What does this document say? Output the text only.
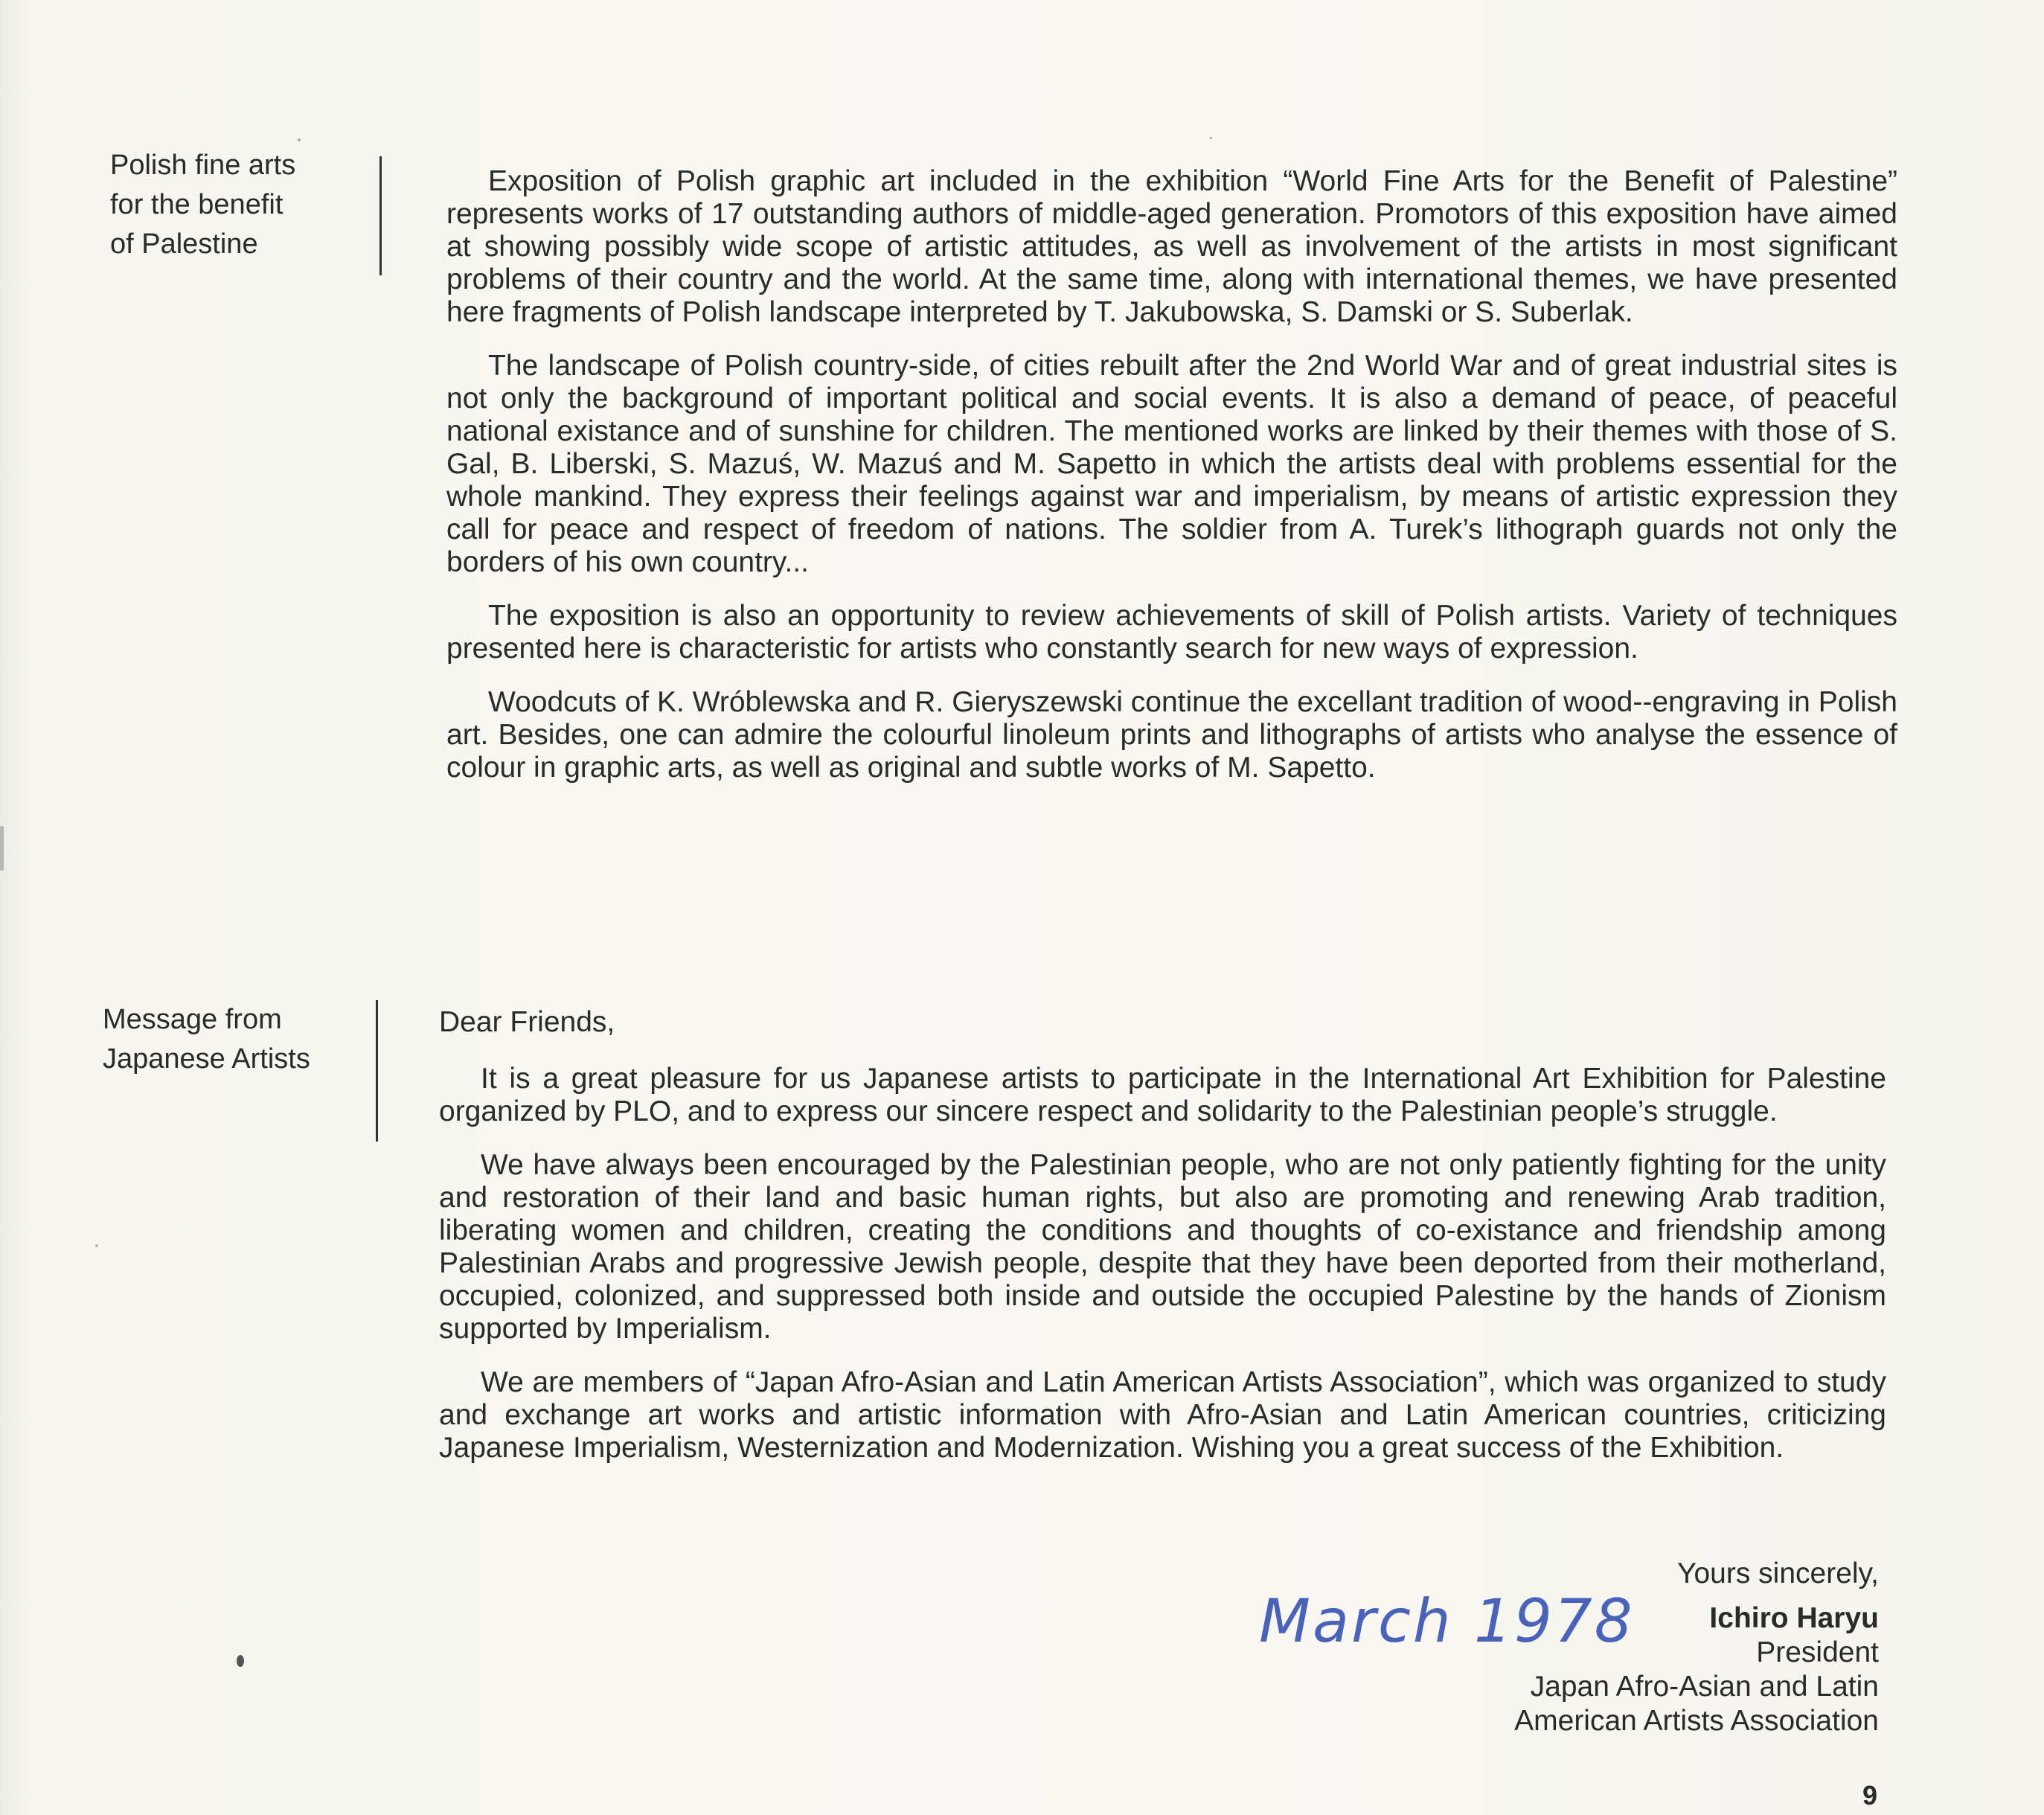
Polish fine arts
for the benefit
of Palestine

Exposition of Polish graphic art included in the exhibition “World Fine Arts for the Benefit of Palestine” represents works of 17 outstanding authors of middle-aged generation. Promotors of this exposition have aimed at showing possibly wide scope of artistic attitudes, as well as involvement of the artists in most significant problems of their country and the world. At the same time, along with international themes, we have presented here fragments of Polish landscape interpreted by T. Jakubowska, S. Damski or S. Suberlak.

The landscape of Polish country-side, of cities rebuilt after the 2nd World War and of great industrial sites is not only the background of important political and social events. It is also a demand of peace, of peaceful national existance and of sunshine for children. The mentioned works are linked by their themes with those of S. Gal, B. Liberski, S. Mazuś, W. Mazuś and M. Sapetto in which the artists deal with problems essential for the whole mankind. They express their feelings against war and imperialism, by means of artistic expression they call for peace and respect of freedom of nations. The soldier from A. Turek’s lithograph guards not only the borders of his own country...

The exposition is also an opportunity to review achievements of skill of Polish artists. Variety of techniques presented here is characteristic for artists who constantly search for new ways of expression.

Woodcuts of K. Wróblewska and R. Gieryszewski continue the excellant tradition of wood--engraving in Polish art. Besides, one can admire the colourful linoleum prints and lithographs of artists who analyse the essence of colour in graphic arts, as well as original and subtle works of M. Sapetto.

Message from
Japanese Artists
Dear Friends,

It is a great pleasure for us Japanese artists to participate in the International Art Exhibition for Palestine organized by PLO, and to express our sincere respect and solidarity to the Palestinian people’s struggle.

We have always been encouraged by the Palestinian people, who are not only patiently fighting for the unity and restoration of their land and basic human rights, but also are promoting and renewing Arab tradition, liberating women and children, creating the conditions and thoughts of co-existance and friendship among Palestinian Arabs and progressive Jewish people, despite that they have been deported from their motherland, occupied, colonized, and suppressed both inside and outside the occupied Palestine by the hands of Zionism supported by Imperialism.

We are members of “Japan Afro-Asian and Latin American Artists Association”, which was organized to study and exchange art works and artistic information with Afro-Asian and Latin American countries, criticizing Japanese Imperialism, Westernization and Modernization. Wishing you a great success of the Exhibition.

March 1978
Yours sincerely,
Ichiro Haryu
President
Japan Afro-Asian and Latin
American Artists Association
9
